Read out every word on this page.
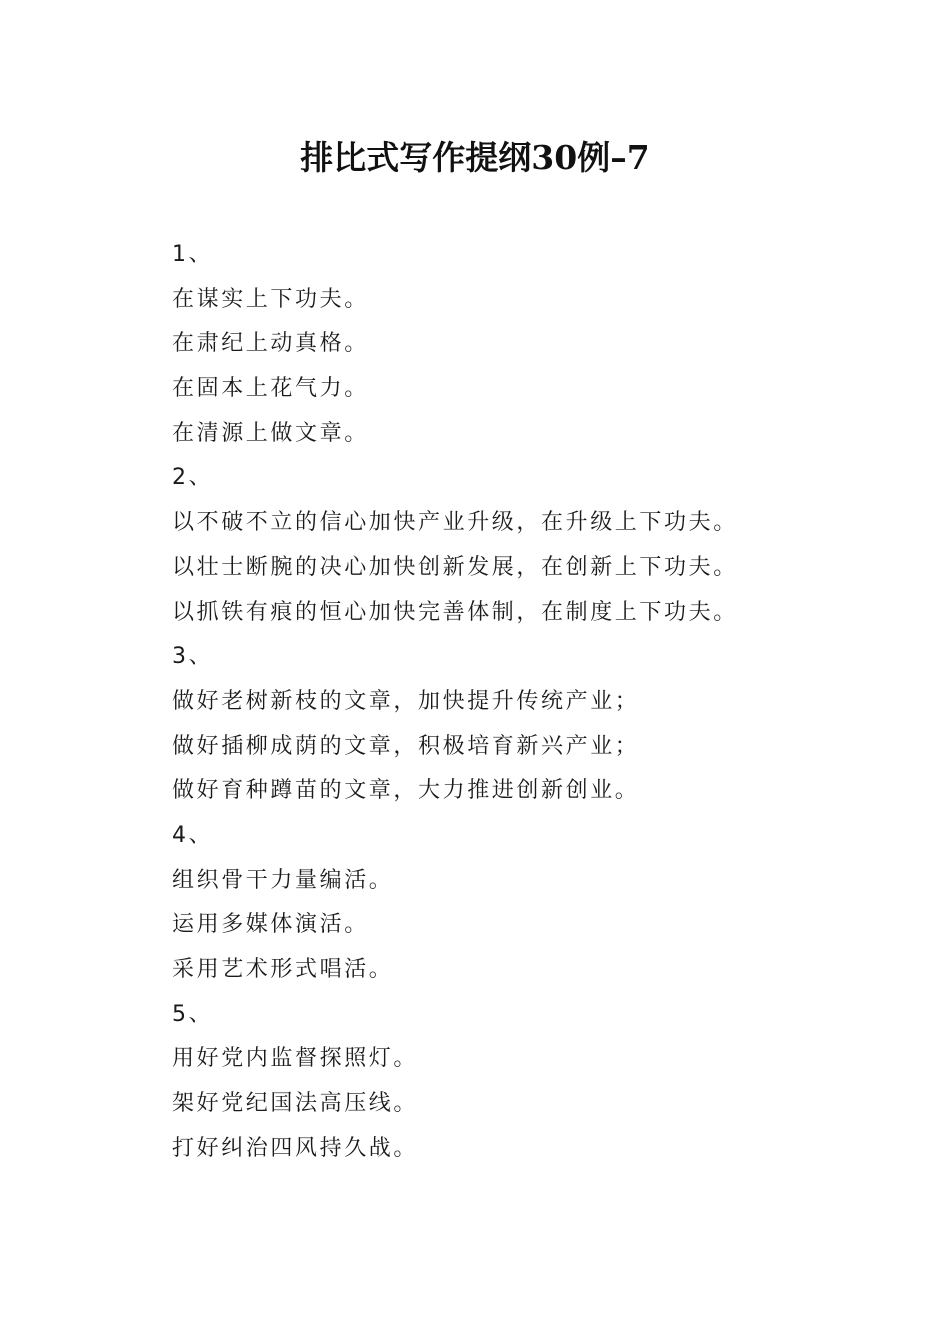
排比式写作提纲30例–7
1、
在谋实上下功夫。
在肃纪上动真格。
在固本上花气力。
在清源上做文章。
2、
以不破不立的信心加快产业升级，在升级上下功夫。
以壮士断腕的决心加快创新发展，在创新上下功夫。
以抓铁有痕的恒心加快完善体制，在制度上下功夫。
3、
做好老树新枝的文章，加快提升传统产业；
做好插柳成荫的文章，积极培育新兴产业；
做好育种蹲苗的文章，大力推进创新创业。
4、
组织骨干力量编活。
运用多媒体演活。
采用艺术形式唱活。
5、
用好党内监督探照灯。
架好党纪国法高压线。
打好纠治四风持久战。
